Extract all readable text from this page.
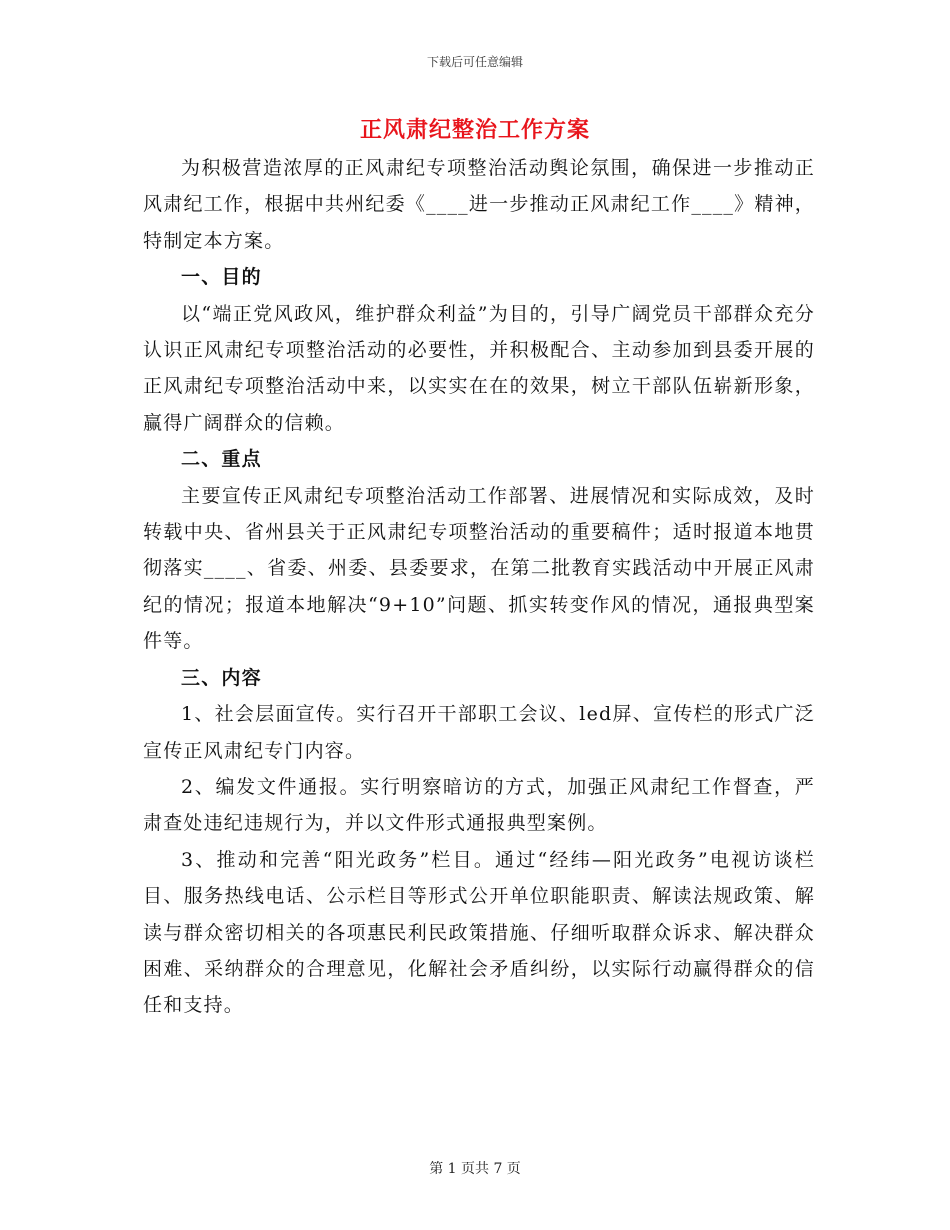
下载后可任意编辑
正风肃纪整治工作方案

为积极营造浓厚的正风肃纪专项整治活动舆论氛围，确保进一步推动正风肃纪工作，根据中共州纪委《____进一步推动正风肃纪工作____》精神，特制定本方案。

一、目的

以“端正党风政风，维护群众利益”为目的，引导广阔党员干部群众充分认识正风肃纪专项整治活动的必要性，并积极配合、主动参加到县委开展的正风肃纪专项整治活动中来，以实实在在的效果，树立干部队伍崭新形象，赢得广阔群众的信赖。

二、重点

主要宣传正风肃纪专项整治活动工作部署、进展情况和实际成效，及时转载中央、省州县关于正风肃纪专项整治活动的重要稿件；适时报道本地贯彻落实____、省委、州委、县委要求，在第二批教育实践活动中开展正风肃纪的情况；报道本地解决“9+10”问题、抓实转变作风的情况，通报典型案件等。

三、内容

1、社会层面宣传。实行召开干部职工会议、led屏、宣传栏的形式广泛宣传正风肃纪专门内容。

2、编发文件通报。实行明察暗访的方式，加强正风肃纪工作督查，严肃查处违纪违规行为，并以文件形式通报典型案例。

3、推动和完善“阳光政务”栏目。通过“经纬—阳光政务”电视访谈栏目、服务热线电话、公示栏目等形式公开单位职能职责、解读法规政策、解读与群众密切相关的各项惠民利民政策措施、仔细听取群众诉求、解决群众困难、采纳群众的合理意见，化解社会矛盾纠纷，以实际行动赢得群众的信任和支持。

第 1 页共 7 页
